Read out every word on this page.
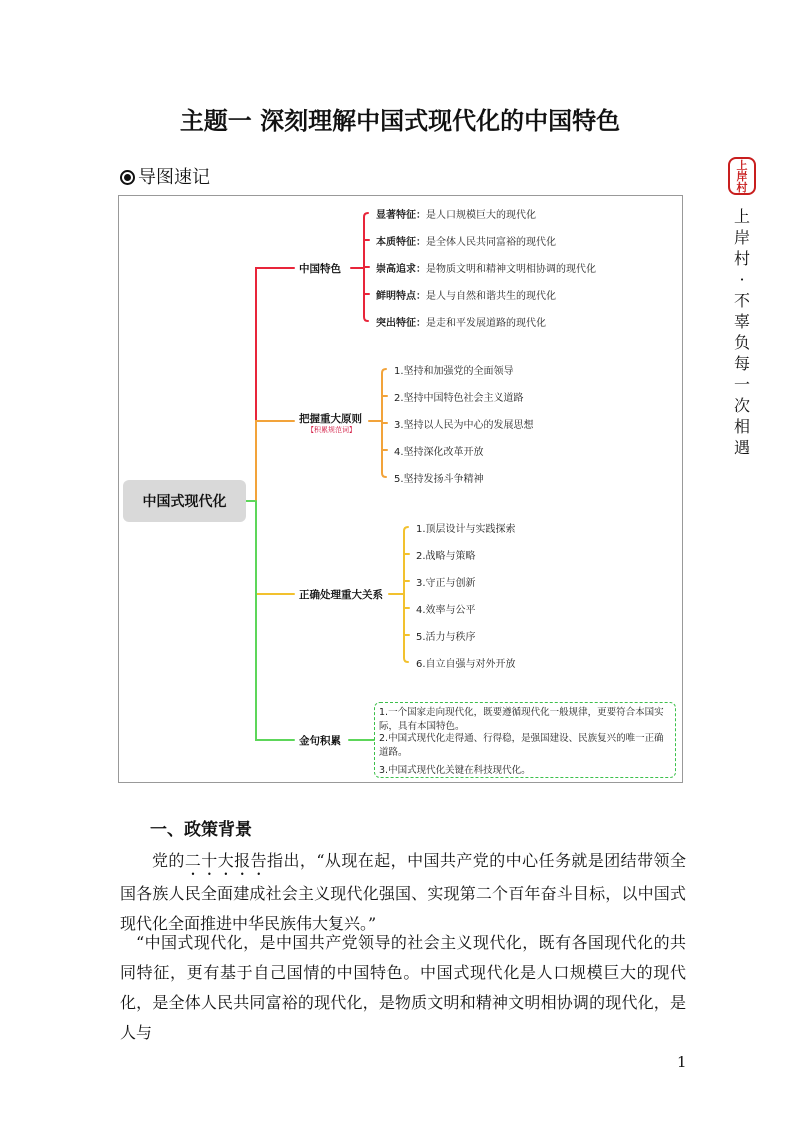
主题一 深刻理解中国式现代化的中国特色
导图速记
上岸村
上岸村·不辜负每一次相遇
中国式现代化
中国特色
显著特征：是人口规模巨大的现代化
本质特征：是全体人民共同富裕的现代化
崇高追求：是物质文明和精神文明相协调的现代化
鲜明特点：是人与自然和谐共生的现代化
突出特征：是走和平发展道路的现代化
把握重大原则
【积累规范词】
1.坚持和加强党的全面领导
2.坚持中国特色社会主义道路
3.坚持以人民为中心的发展思想
4.坚持深化改革开放
5.坚持发扬斗争精神
正确处理重大关系
1.顶层设计与实践探索
2.战略与策略
3.守正与创新
4.效率与公平
5.活力与秩序
6.自立自强与对外开放
金句积累
1.一个国家走向现代化，既要遵循现代化一般规律，更要符合本国实际，具有本国特色。
2.中国式现代化走得通、行得稳，是强国建设、民族复兴的唯一正确道路。
3.中国式现代化关键在科技现代化。
一、政策背景
党的二十大报告指出，“从现在起，中国共产党的中心任务就是团结带领全国各族人民全面建成社会主义现代化强国、实现第二个百年奋斗目标，以中国式现代化全面推进中华民族伟大复兴。”
“中国式现代化，是中国共产党领导的社会主义现代化，既有各国现代化的共同特征，更有基于自己国情的中国特色。中国式现代化是人口规模巨大的现代化，是全体人民共同富裕的现代化，是物质文明和精神文明相协调的现代化，是人与
1
